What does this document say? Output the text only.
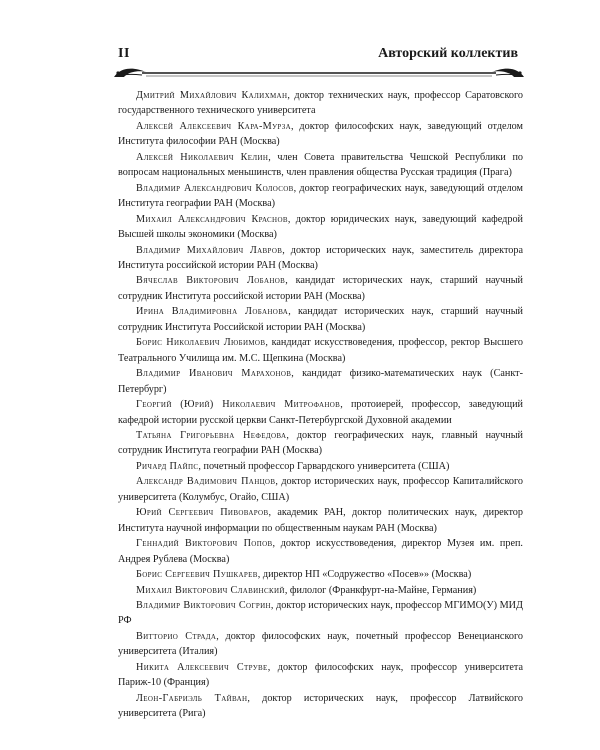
II	Авторский коллектив

Дмитрий Михайлович Калихман, доктор технических наук, профессор Саратовского государственного технического университета

Алексей Алексеевич Кара-Мурза, доктор философских наук, заведующий отделом Института философии РАН (Москва)

Алексей Николаевич Келин, член Совета правительства Чешской Республики по вопросам национальных меньшинств, член правления общества Русская традиция (Прага)

Владимир Александрович Колосов, доктор географических наук, заведующий отделом Института географии РАН (Москва)

Михаил Александрович Краснов, доктор юридических наук, заведующий кафедрой Высшей школы экономики (Москва)

Владимир Михайлович Лавров, доктор исторических наук, заместитель директора Института российской истории РАН (Москва)

Вячеслав Викторович Лобанов, кандидат исторических наук, старший научный сотрудник Института российской истории РАН (Москва)

Ирина Владимировна Лобанова, кандидат исторических наук, старший научный сотрудник Института Российской истории РАН (Москва)

Борис Николаевич Любимов, кандидат искусствоведения, профессор, ректор Высшего Театрального Училища им. М.С. Щепкина (Москва)

Владимир Иванович Марахонов, кандидат физико-математических наук (Санкт-Петербург)

Георгий (Юрий) Николаевич Митрофанов, протоиерей, профессор, заведующий кафедрой истории русской церкви Санкт-Петербургской Духовной академии

Татьяна Григорьевна Нефедова, доктор географических наук, главный научный сотрудник Института географии РАН (Москва)

Ричард Пайпс, почетный профессор Гарвардского университета (США)

Александр Вадимович Панцов, доктор исторических наук, профессор Капиталийского университета (Колумбус, Огайо, США)

Юрий Сергеевич Пивоваров, академик РАН, доктор политических наук, директор Института научной информации по общественным наукам РАН (Москва)

Геннадий Викторович Попов, доктор искусствоведения, директор Музея им. преп. Андрея Рублева (Москва)

Борис Сергеевич Пушкарев, директор НП «Содружество «Посев»» (Москва)

Михаил Викторович Славинский, филолог (Франкфурт-на-Майне, Германия)

Владимир Викторович Согрин, доктор исторических наук, профессор МГИМО(У) МИД РФ

Витторио Страда, доктор философских наук, почетный профессор Венецианского университета (Италия)

Никита Алексеевич Струве, доктор философских наук, профессор университета Париж-10 (Франция)

Леон-Габриэль Тайван, доктор исторических наук, профессор Латвийского университета (Рига)
